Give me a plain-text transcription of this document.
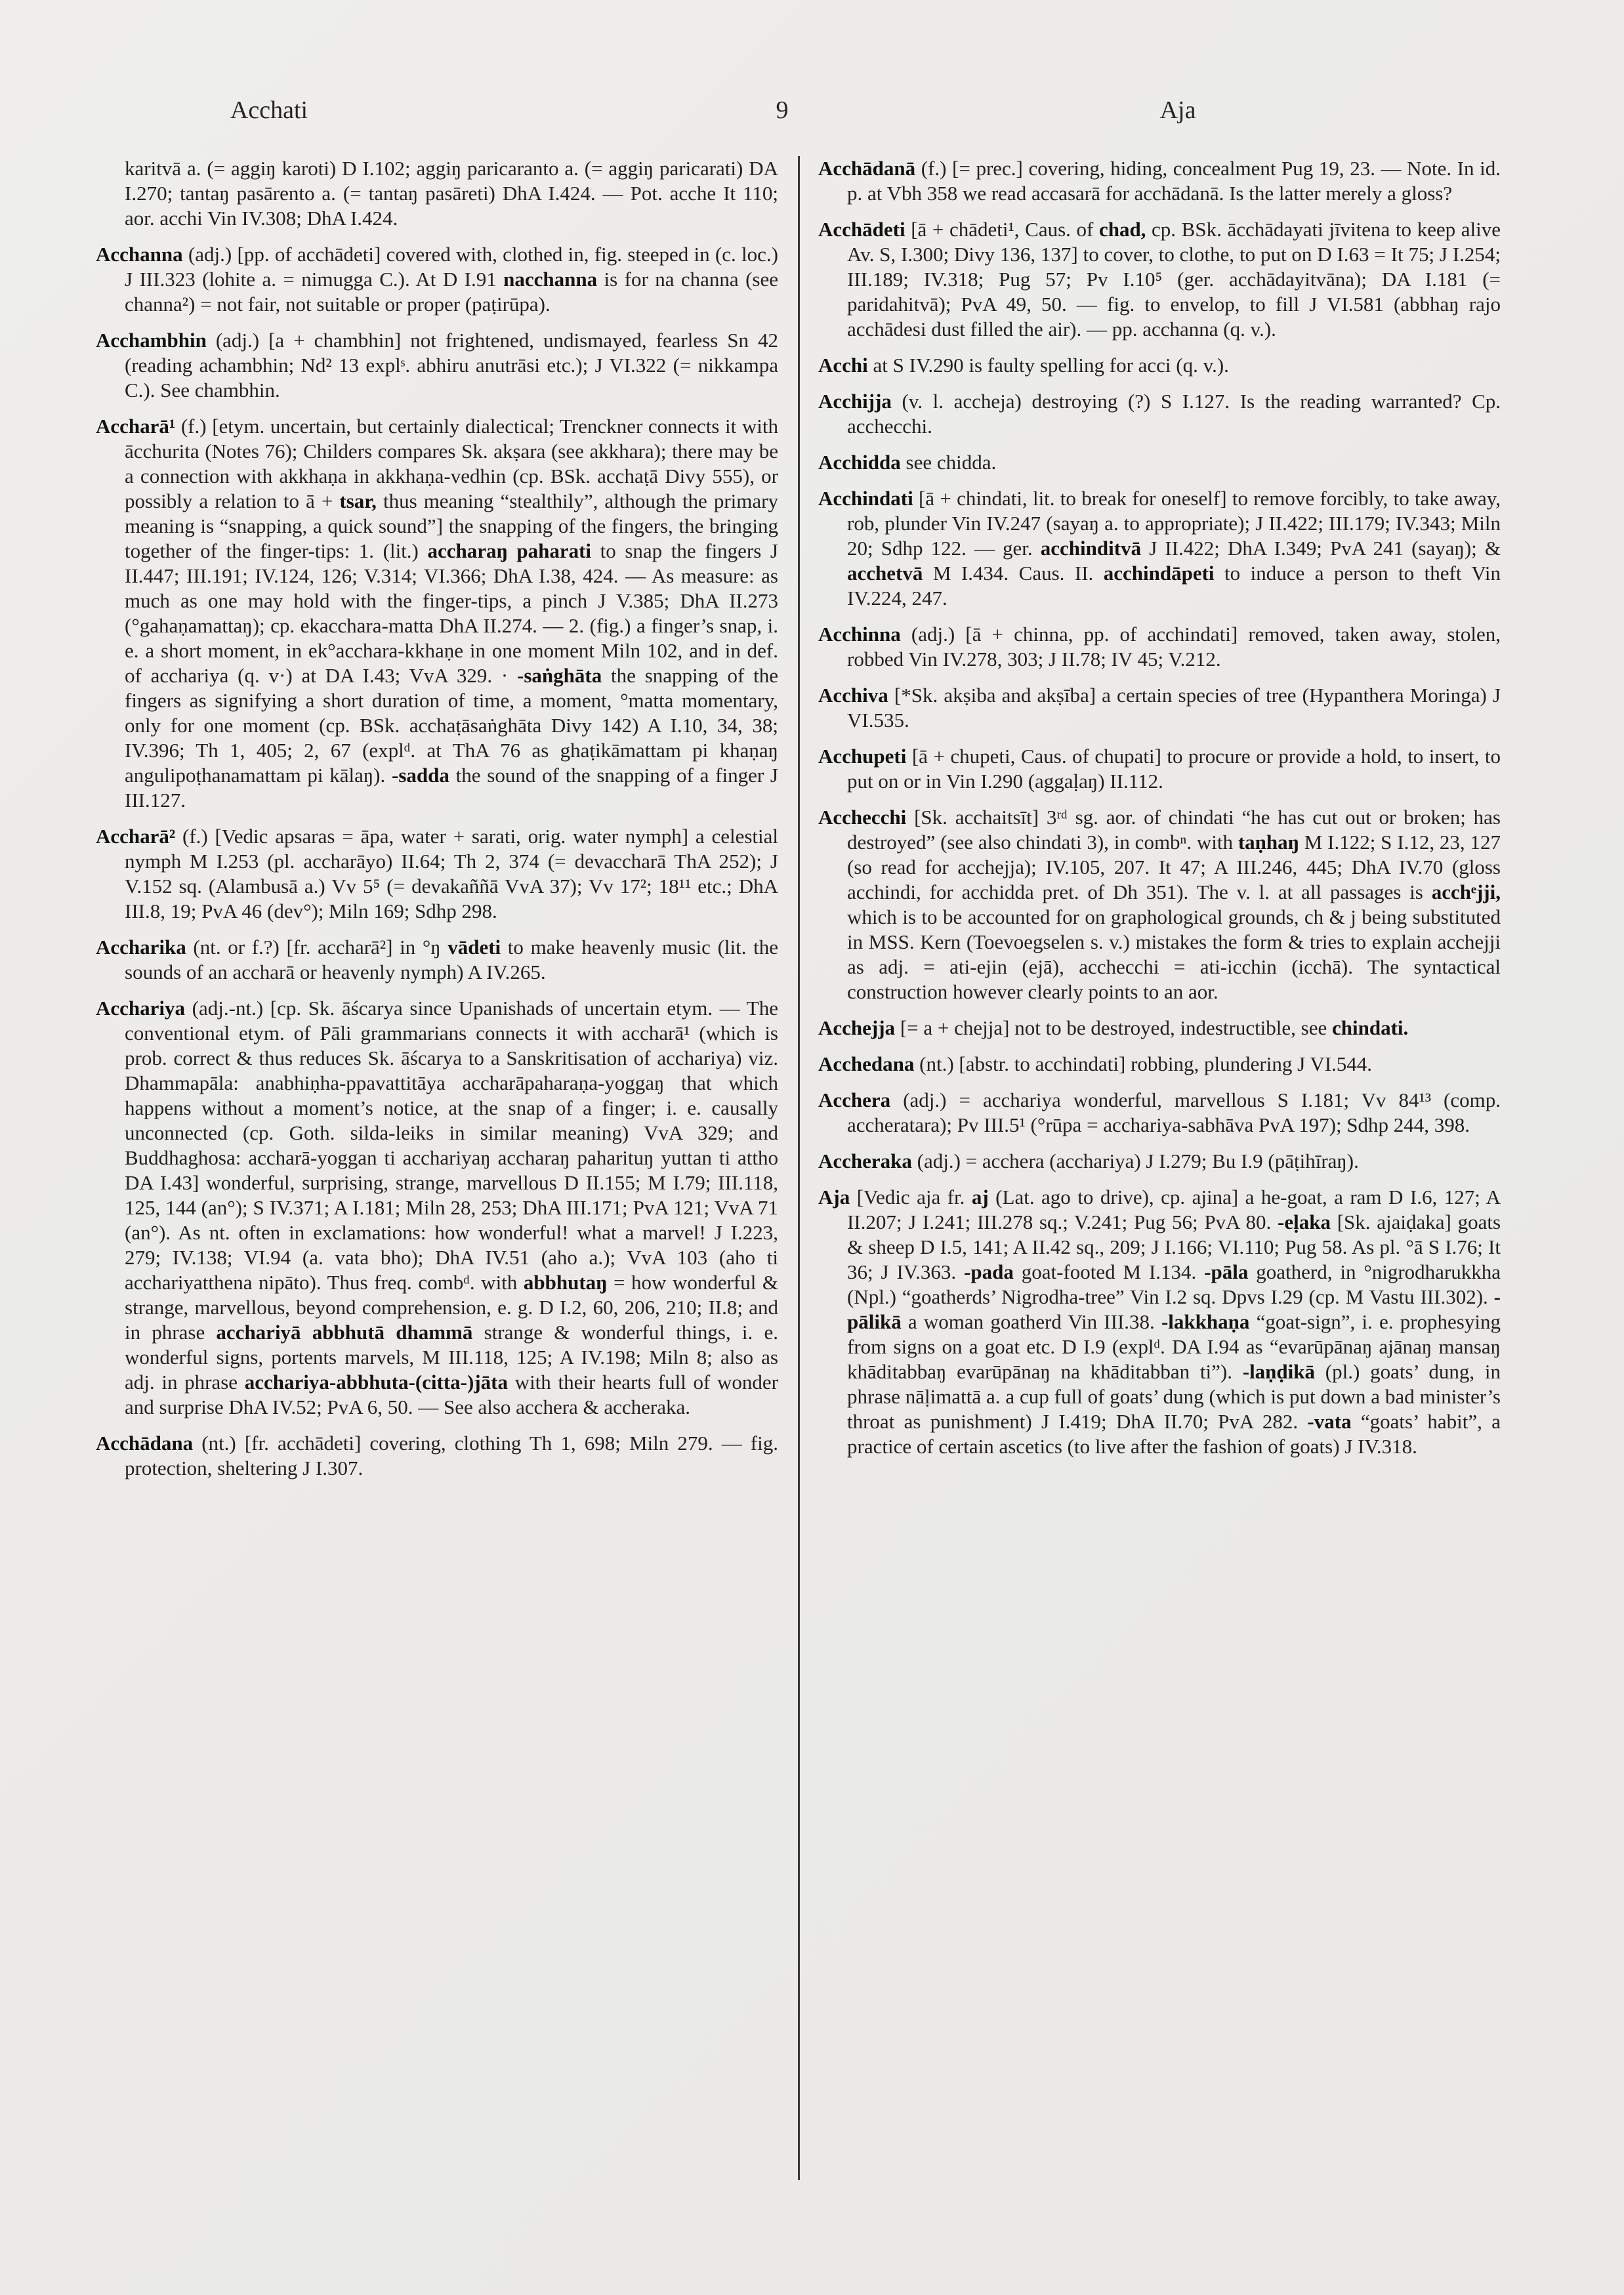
Acchati	9	Aja

karitvā a. (= aggiŋ karoti) D I.102; aggiŋ paricaranto a. (= aggiŋ paricarati) DA I.270; tantaŋ pasārento a. (= tantaŋ pasāreti) DhA I.424. — Pot. acche It 110; aor. acchi Vin IV.308; DhA I.424.

Acchanna (adj.) [pp. of acchādeti] covered with, clothed in, fig. steeped in (c. loc.) J III.323 (lohite a. = nimugga C.). At D I.91 nacchanna is for na channa (see channa²) = not fair, not suitable or proper (paṭirūpa).

Acchambhin (adj.) [a + chambhin] not frightened, undismayed, fearless Sn 42 (reading achambhin; Nd² 13 explˢ. abhiru anutrāsi etc.); J VI.322 (= nikkampa C.). See chambhin.

Accharā¹ (f.) [etym. uncertain, but certainly dialectical; Trenckner connects it with ācchurita (Notes 76); Childers compares Sk. akṣara (see akkhara); there may be a connection with akkhaṇa in akkhaṇa-vedhin (cp. BSk. acchaṭā Divy 555), or possibly a relation to ā + tsar, thus meaning “stealthily”, although the primary meaning is “snapping, a quick sound”] the snapping of the fingers, the bringing together of the finger-tips: 1. (lit.) accharaŋ paharati to snap the fingers J II.447; III.191; IV.124, 126; V.314; VI.366; DhA I.38, 424. — As measure: as much as one may hold with the finger-tips, a pinch J V.385; DhA II.273 (°gahaṇamattaŋ); cp. ekacchara-matta DhA II.274. — 2. (fig.) a finger’s snap, i. e. a short moment, in ek°acchara-kkhaṇe in one moment Miln 102, and in def. of acchariya (q. v·) at DA I.43; VvA 329. · -saṅghāta the snapping of the fingers as signifying a short duration of time, a moment, °matta momentary, only for one moment (cp. BSk. acchaṭāsaṅghāta Divy 142) A I.10, 34, 38; IV.396; Th 1, 405; 2, 67 (explᵈ. at ThA 76 as ghaṭikāmattam pi khaṇaŋ angulipoṭhanamattam pi kālaŋ). -sadda the sound of the snapping of a finger J III.127.

Accharā² (f.) [Vedic apsaras = āpa, water + sarati, orig. water nymph] a celestial nymph M I.253 (pl. accharāyo) II.64; Th 2, 374 (= devaccharā ThA 252); J V.152 sq. (Alambusā a.) Vv 5⁵ (= devakaññā VvA 37); Vv 17²; 18¹¹ etc.; DhA III.8, 19; PvA 46 (dev°); Miln 169; Sdhp 298.

Accharika (nt. or f.?) [fr. accharā²] in °ŋ vādeti to make heavenly music (lit. the sounds of an accharā or heavenly nymph) A IV.265.

Acchariya (adj.-nt.) [cp. Sk. āścarya since Upanishads of uncertain etym. — The conventional etym. of Pāli grammarians connects it with accharā¹ (which is prob. correct & thus reduces Sk. āścarya to a Sanskritisation of acchariya) viz. Dhammapāla: anabhiṇha-ppavattitāya accharāpaharaṇa-yoggaŋ that which happens without a moment’s notice, at the snap of a finger; i. e. causally unconnected (cp. Goth. silda-leiks in similar meaning) VvA 329; and Buddhaghosa: accharā-yoggan ti acchariyaŋ accharaŋ paharituŋ yuttan ti attho DA I.43] wonderful, surprising, strange, marvellous D II.155; M I.79; III.118, 125, 144 (an°); S IV.371; A I.181; Miln 28, 253; DhA III.171; PvA 121; VvA 71 (an°). As nt. often in exclamations: how wonderful! what a marvel! J I.223, 279; IV.138; VI.94 (a. vata bho); DhA IV.51 (aho a.); VvA 103 (aho ti acchariyatthena nipāto). Thus freq. combᵈ. with abbhutaŋ = how wonderful & strange, marvellous, beyond comprehension, e. g. D I.2, 60, 206, 210; II.8; and in phrase acchariyā abbhutā dhammā strange & wonderful things, i. e. wonderful signs, portents marvels, M III.118, 125; A IV.198; Miln 8; also as adj. in phrase acchariya-abbhuta-(citta-)jāta with their hearts full of wonder and surprise DhA IV.52; PvA 6, 50. — See also acchera & accheraka.

Acchādana (nt.) [fr. acchādeti] covering, clothing Th 1, 698; Miln 279. — fig. protection, sheltering J I.307.

Acchādanā (f.) [= prec.] covering, hiding, concealment Pug 19, 23. — Note. In id. p. at Vbh 358 we read accasarā for acchādanā. Is the latter merely a gloss?

Acchādeti [ā + chādeti¹, Caus. of chad, cp. BSk. ācchādayati jīvitena to keep alive Av. S, I.300; Divy 136, 137] to cover, to clothe, to put on D I.63 = It 75; J I.254; III.189; IV.318; Pug 57; Pv I.10⁵ (ger. acchādayitvāna); DA I.181 (= paridahitvā); PvA 49, 50. — fig. to envelop, to fill J VI.581 (abbhaŋ rajo acchādesi dust filled the air). — pp. acchanna (q. v.).

Acchi at S IV.290 is faulty spelling for acci (q. v.).

Acchijja (v. l. accheja) destroying (?) S I.127. Is the reading warranted? Cp. acchecchi.

Acchidda see chidda.

Acchindati [ā + chindati, lit. to break for oneself] to remove forcibly, to take away, rob, plunder Vin IV.247 (sayaŋ a. to appropriate); J II.422; III.179; IV.343; Miln 20; Sdhp 122. — ger. acchinditvā J II.422; DhA I.349; PvA 241 (sayaŋ); & acchetvā M I.434. Caus. II. acchindāpeti to induce a person to theft Vin IV.224, 247.

Acchinna (adj.) [ā + chinna, pp. of acchindati] removed, taken away, stolen, robbed Vin IV.278, 303; J II.78; IV 45; V.212.

Acchiva [*Sk. akṣiba and akṣība] a certain species of tree (Hypanthera Moringa) J VI.535.

Acchupeti [ā + chupeti, Caus. of chupati] to procure or provide a hold, to insert, to put on or in Vin I.290 (aggaḷaŋ) II.112.

Acchecchi [Sk. acchaitsīt] 3ʳᵈ sg. aor. of chindati “he has cut out or broken; has destroyed” (see also chindati 3), in combⁿ. with taṇhaŋ M I.122; S I.12, 23, 127 (so read for acchejja); IV.105, 207. It 47; A III.246, 445; DhA IV.70 (gloss acchindi, for acchidda pret. of Dh 351). The v. l. at all passages is acchᵉjji, which is to be accounted for on graphological grounds, ch & j being substituted in MSS. Kern (Toevoegselen s. v.) mistakes the form & tries to explain acchejji as adj. = ati-ejin (ejā), acchecchi = ati-icchin (icchā). The syntactical construction however clearly points to an aor.

Acchejja [= a + chejja] not to be destroyed, indestructible, see chindati.

Acchedana (nt.) [abstr. to acchindati] robbing, plundering J VI.544.

Acchera (adj.) = acchariya wonderful, marvellous S I.181; Vv 84¹³ (comp. accheratara); Pv III.5¹ (°rūpa = acchariya-sabhāva PvA 197); Sdhp 244, 398.

Accheraka (adj.) = acchera (acchariya) J I.279; Bu I.9 (pāṭihīraŋ).

Aja [Vedic aja fr. aj (Lat. ago to drive), cp. ajina] a he-goat, a ram D I.6, 127; A II.207; J I.241; III.278 sq.; V.241; Pug 56; PvA 80. -eḷaka [Sk. ajaiḍaka] goats & sheep D I.5, 141; A II.42 sq., 209; J I.166; VI.110; Pug 58. As pl. °ā S I.76; It 36; J IV.363. -pada goat-footed M I.134. -pāla goatherd, in °nigrodharukkha (Npl.) “goatherds’ Nigrodha-tree” Vin I.2 sq. Dpvs I.29 (cp. M Vastu III.302). -pālikā a woman goatherd Vin III.38. -lakkhaṇa “goat-sign”, i. e. prophesying from signs on a goat etc. D I.9 (explᵈ. DA I.94 as “evarūpānaŋ ajānaŋ mansaŋ khāditabbaŋ evarūpānaŋ na khāditabban ti”). -laṇḍikā (pl.) goats’ dung, in phrase nāḷimattā a. a cup full of goats’ dung (which is put down a bad minister’s throat as punishment) J I.419; DhA II.70; PvA 282. -vata “goats’ habit”, a practice of certain ascetics (to live after the fashion of goats) J IV.318.
